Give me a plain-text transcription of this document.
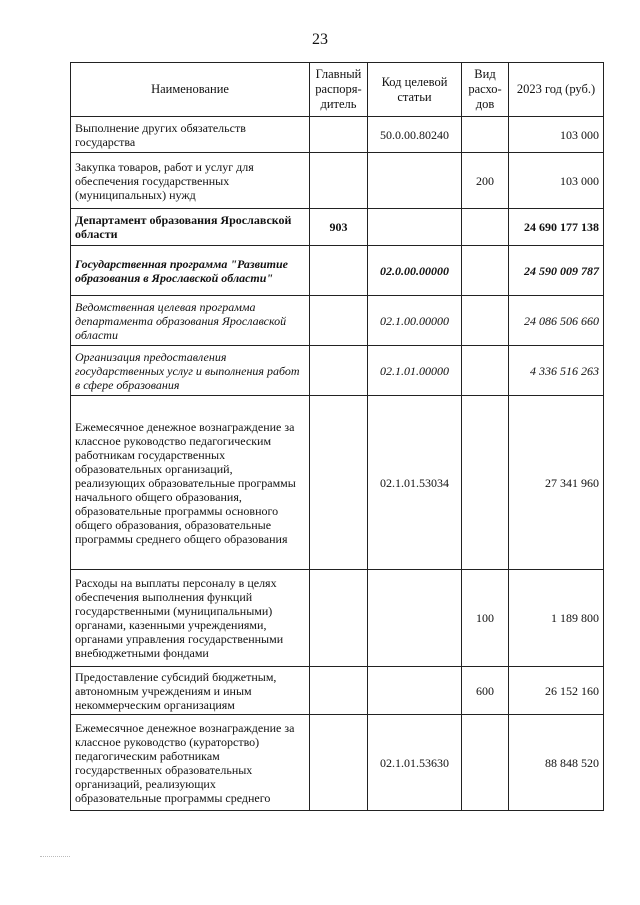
23
Наименование	Главный распоря-дитель	Код целевой статьи	Вид расхо-дов	2023 год (руб.)
Выполнение других обязательств государства		50.0.00.80240		103 000
Закупка товаров, работ и услуг для обеспечения государственных (муниципальных) нужд			200	103 000
Департамент образования Ярославской области	903			24 690 177 138
Государственная программа "Развитие образования в Ярославской области"		02.0.00.00000		24 590 009 787
Ведомственная целевая программа департамента образования Ярославской области		02.1.00.00000		24 086 506 660
Организация предоставления государственных услуг и выполнения работ в сфере образования		02.1.01.00000		4 336 516 263
Ежемесячное денежное вознаграждение за классное руководство педагогическим работникам государственных образовательных организаций, реализующих образовательные программы начального общего образования, образовательные программы основного общего образования, образовательные программы среднего общего образования		02.1.01.53034		27 341 960
Расходы на выплаты персоналу в целях обеспечения выполнения функций государственными (муниципальными) органами, казенными учреждениями, органами управления государственными внебюджетными фондами			100	1 189 800
Предоставление субсидий бюджетным, автономным учреждениям и иным некоммерческим организациям			600	26 152 160
Ежемесячное денежное вознаграждение за классное руководство (кураторство) педагогическим работникам государственных образовательных организаций, реализующих образовательные программы среднего		02.1.01.53630		88 848 520
